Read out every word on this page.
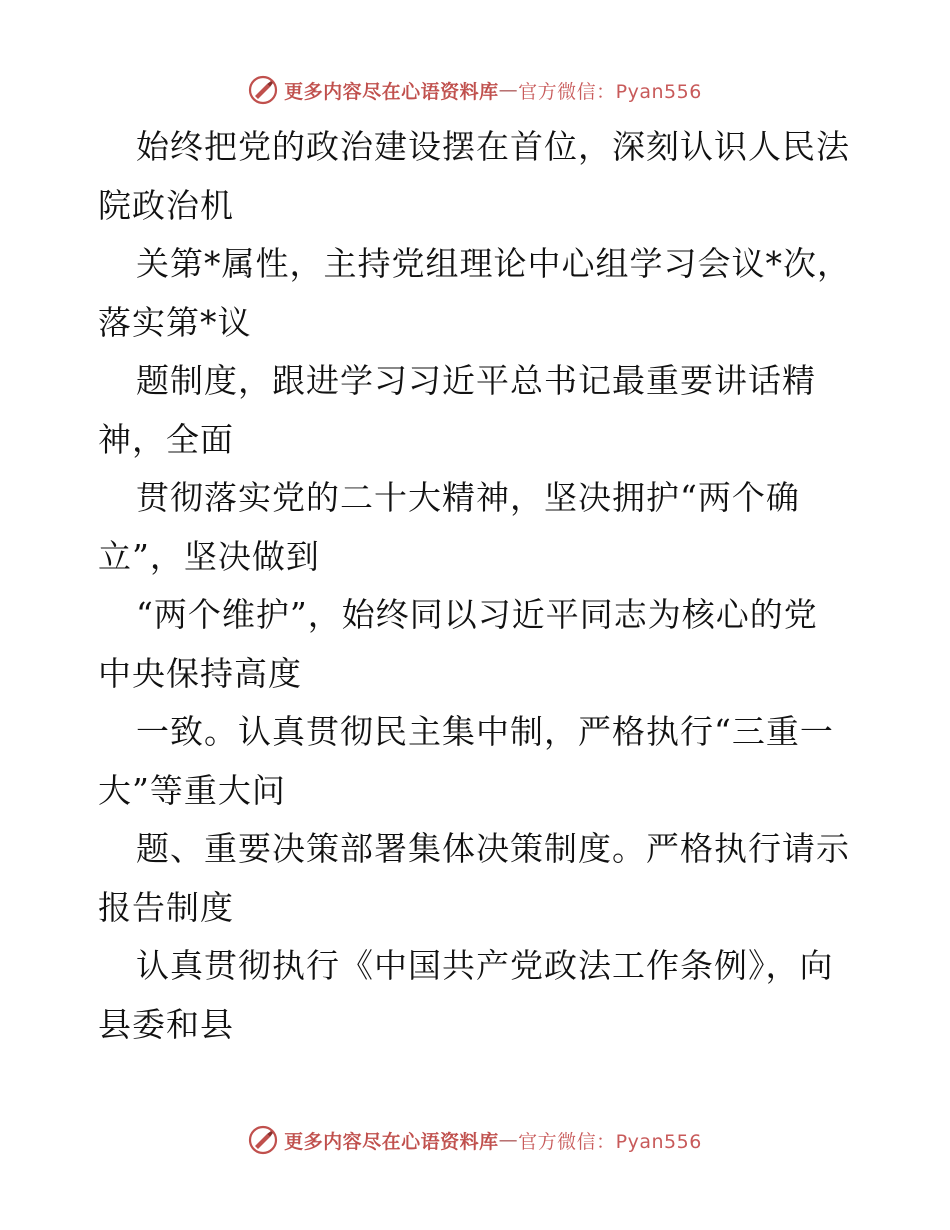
更多内容尽在心语资料库 — 官方微信：Pyan556
始终把党的政治建设摆在首位，深刻认识人民法
院政治机
关第*属性，主持党组理论中心组学习会议*次，
落实第*议
题制度，跟进学习习近平总书记最重要讲话精
神，全面
贯彻落实党的二十大精神，坚决拥护“两个确
立”，坚决做到
“两个维护”，始终同以习近平同志为核心的党
中央保持高度
一致。认真贯彻民主集中制，严格执行“三重一
大”等重大问
题、重要决策部署集体决策制度。严格执行请示
报告制度
认真贯彻执行《中国共产党政法工作条例》，向
县委和县
更多内容尽在心语资料库 — 官方微信：Pyan556
